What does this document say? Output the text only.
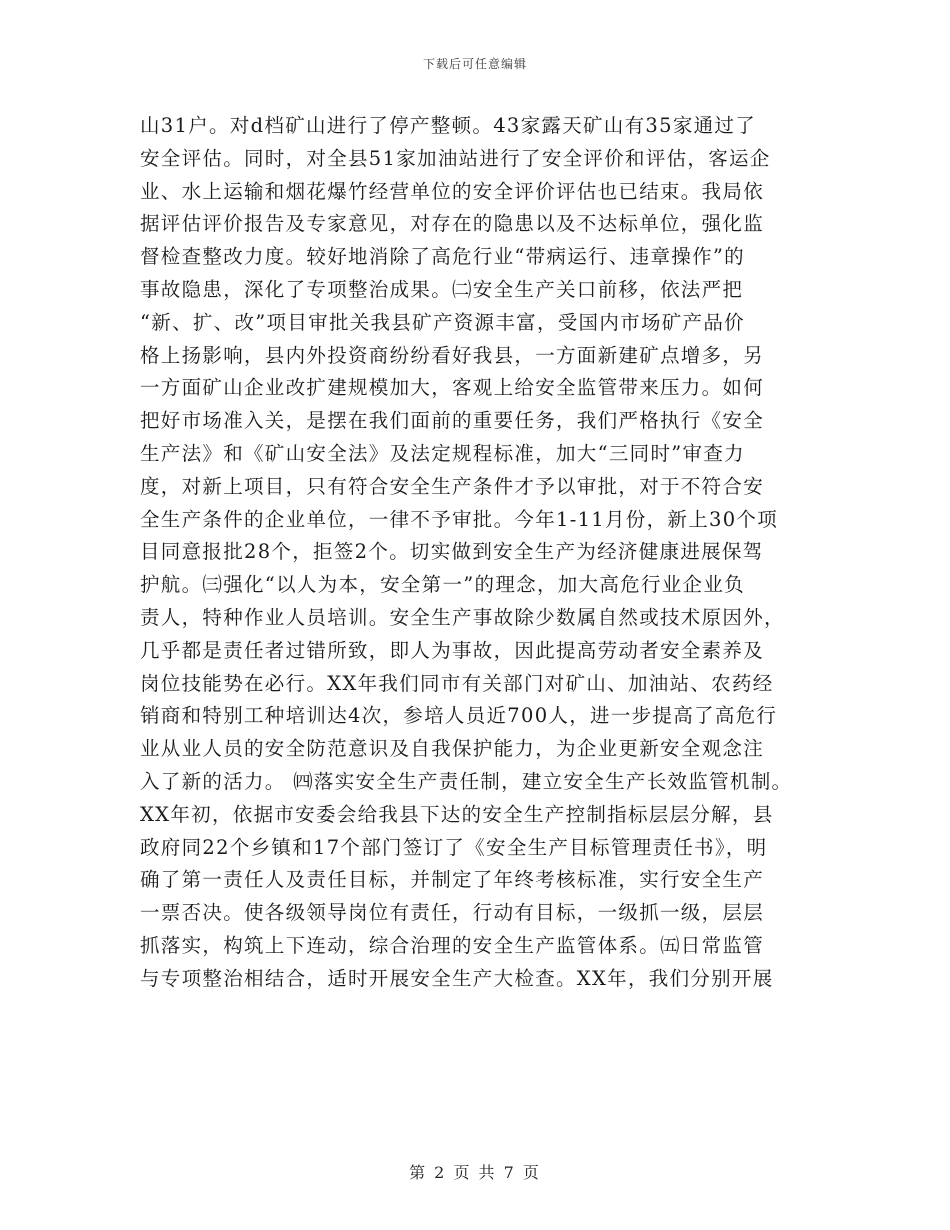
下载后可任意编辑
山31户。对d档矿山进行了停产整顿。43家露天矿山有35家通过了
安全评估。同时，对全县51家加油站进行了安全评价和评估，客运企
业、水上运输和烟花爆竹经营单位的安全评价评估也已结束。我局依
据评估评价报告及专家意见，对存在的隐患以及不达标单位，强化监
督检查整改力度。较好地消除了高危行业“带病运行、违章操作”的
事故隐患，深化了专项整治成果。㈡安全生产关口前移，依法严把
“新、扩、改”项目审批关我县矿产资源丰富，受国内市场矿产品价
格上扬影响，县内外投资商纷纷看好我县，一方面新建矿点增多，另
一方面矿山企业改扩建规模加大，客观上给安全监管带来压力。如何
把好市场准入关，是摆在我们面前的重要任务，我们严格执行《安全
生产法》和《矿山安全法》及法定规程标准，加大“三同时”审查力
度，对新上项目，只有符合安全生产条件才予以审批，对于不符合安
全生产条件的企业单位，一律不予审批。今年1-11月份，新上30个项
目同意报批28个，拒签2个。切实做到安全生产为经济健康进展保驾
护航。㈢强化“以人为本，安全第一”的理念，加大高危行业企业负
责人，特种作业人员培训。安全生产事故除少数属自然或技术原因外，
几乎都是责任者过错所致，即人为事故，因此提高劳动者安全素养及
岗位技能势在必行。XX年我们同市有关部门对矿山、加油站、农药经
销商和特别工种培训达4次，参培人员近700人，进一步提高了高危行
业从业人员的安全防范意识及自我保护能力，为企业更新安全观念注
入了新的活力。 ㈣落实安全生产责任制，建立安全生产长效监管机制。
XX年初，依据市安委会给我县下达的安全生产控制指标层层分解，县
政府同22个乡镇和17个部门签订了《安全生产目标管理责任书》，明
确了第一责任人及责任目标，并制定了年终考核标准，实行安全生产
一票否决。使各级领导岗位有责任，行动有目标，一级抓一级，层层
抓落实，构筑上下连动，综合治理的安全生产监管体系。㈤日常监管
与专项整治相结合，适时开展安全生产大检查。XX年，我们分别开展
第 2 页 共 7 页
